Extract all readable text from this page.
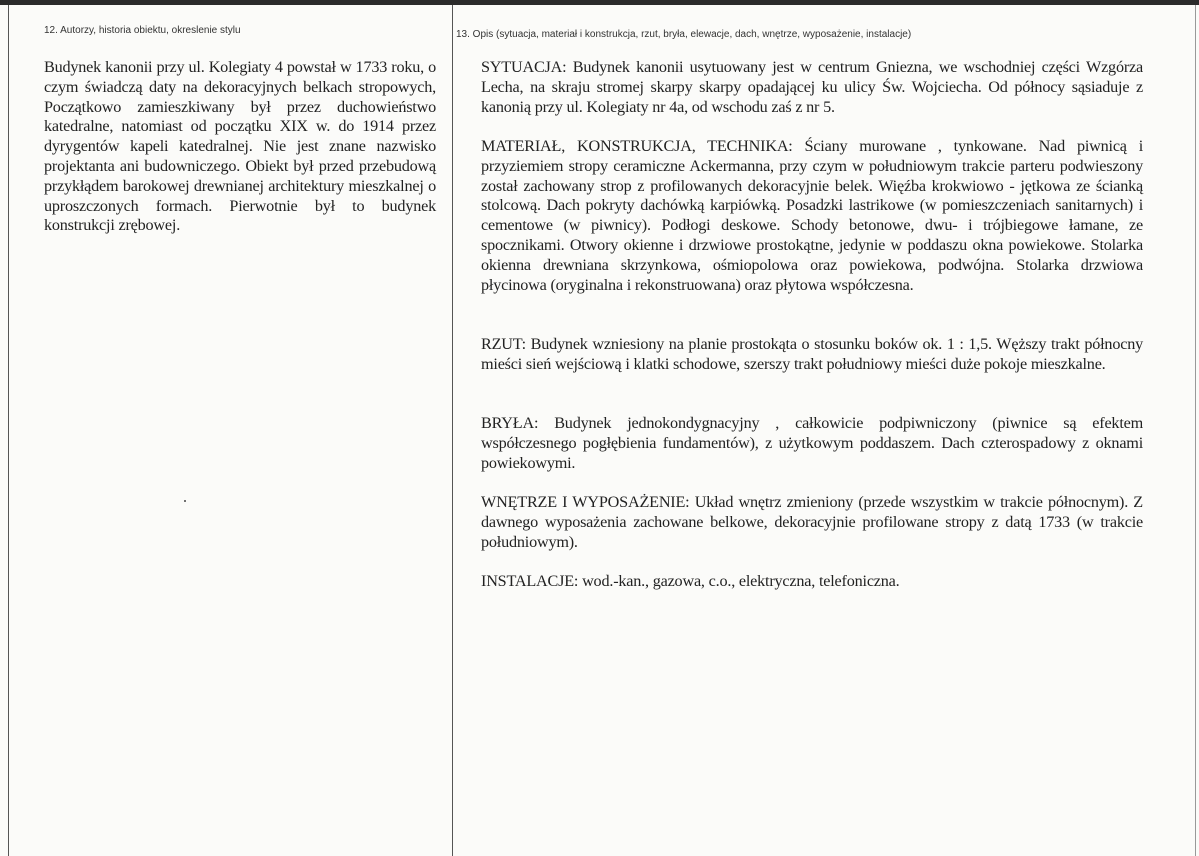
12. Autorzy, historia obiektu, okreslenie stylu
Budynek kanonii przy ul. Kolegiaty 4 powstał w 1733 roku, o czym świadczą daty na dekoracyjnych belkach stropowych, Początkowo zamieszkiwany był przez duchowieństwo katedralne, natomiast od początku XIX w. do 1914 przez dyrygentów kapeli katedralnej. Nie jest znane nazwisko projektanta ani budowniczego. Obiekt był przed przebudową przykłądem barokowej drewnianej architektury mieszkalnej o uproszczonych formach. Pierwotnie był to budynek konstrukcji zrębowej.
13. Opis (sytuacja, materiał i konstrukcja, rzut, bryła, elewacje, dach, wnętrze, wyposażenie, instalacje)
SYTUACJA: Budynek kanonii usytuowany jest w centrum Gniezna, we wschodniej części Wzgórza Lecha, na skraju stromej skarpy skarpy opadającej ku ulicy Św. Wojciecha. Od północy sąsiaduje z kanonią przy ul. Kolegiaty nr 4a, od wschodu zaś z nr 5.
MATERIAŁ, KONSTRUKCJA, TECHNIKA: Ściany murowane , tynkowane. Nad piwnicą i przyziemiem stropy ceramiczne Ackermanna, przy czym w południowym trakcie parteru podwieszony został zachowany strop z profilowanych dekoracyjnie belek. Więźba krokwiowo - jętkowa ze ścianką stolcową. Dach pokryty dachówką karpiówką. Posadzki lastrikowe (w pomieszczeniach sanitarnych) i cementowe (w piwnicy). Podłogi deskowe. Schody betonowe, dwu- i trójbiegowe łamane, ze spocznikami. Otwory okienne i drzwiowe prostokątne, jedynie w poddaszu okna powiekowe. Stolarka okienna drewniana skrzynkowa, ośmiopolowa oraz powiekowa, podwójna. Stolarka drzwiowa płycinowa (oryginalna i rekonstruowana) oraz płytowa współczesna.
RZUT: Budynek wzniesiony na planie prostokąta o stosunku boków ok. 1 : 1,5. Węższy trakt północny mieści sień wejściową i klatki schodowe, szerszy trakt południowy mieści duże pokoje mieszkalne.
BRYŁA: Budynek jednokondygnacyjny , całkowicie podpiwniczony (piwnice są efektem współczesnego pogłębienia fundamentów), z użytkowym poddaszem. Dach czterospadowy z oknami powiekowymi.
WNĘTRZE I WYPOSAŻENIE: Układ wnętrz zmieniony (przede wszystkim w trakcie północnym). Z dawnego wyposażenia zachowane belkowe, dekoracyjnie profilowane stropy z datą 1733 (w trakcie południowym).
INSTALACJE: wod.-kan., gazowa, c.o., elektryczna, telefoniczna.
